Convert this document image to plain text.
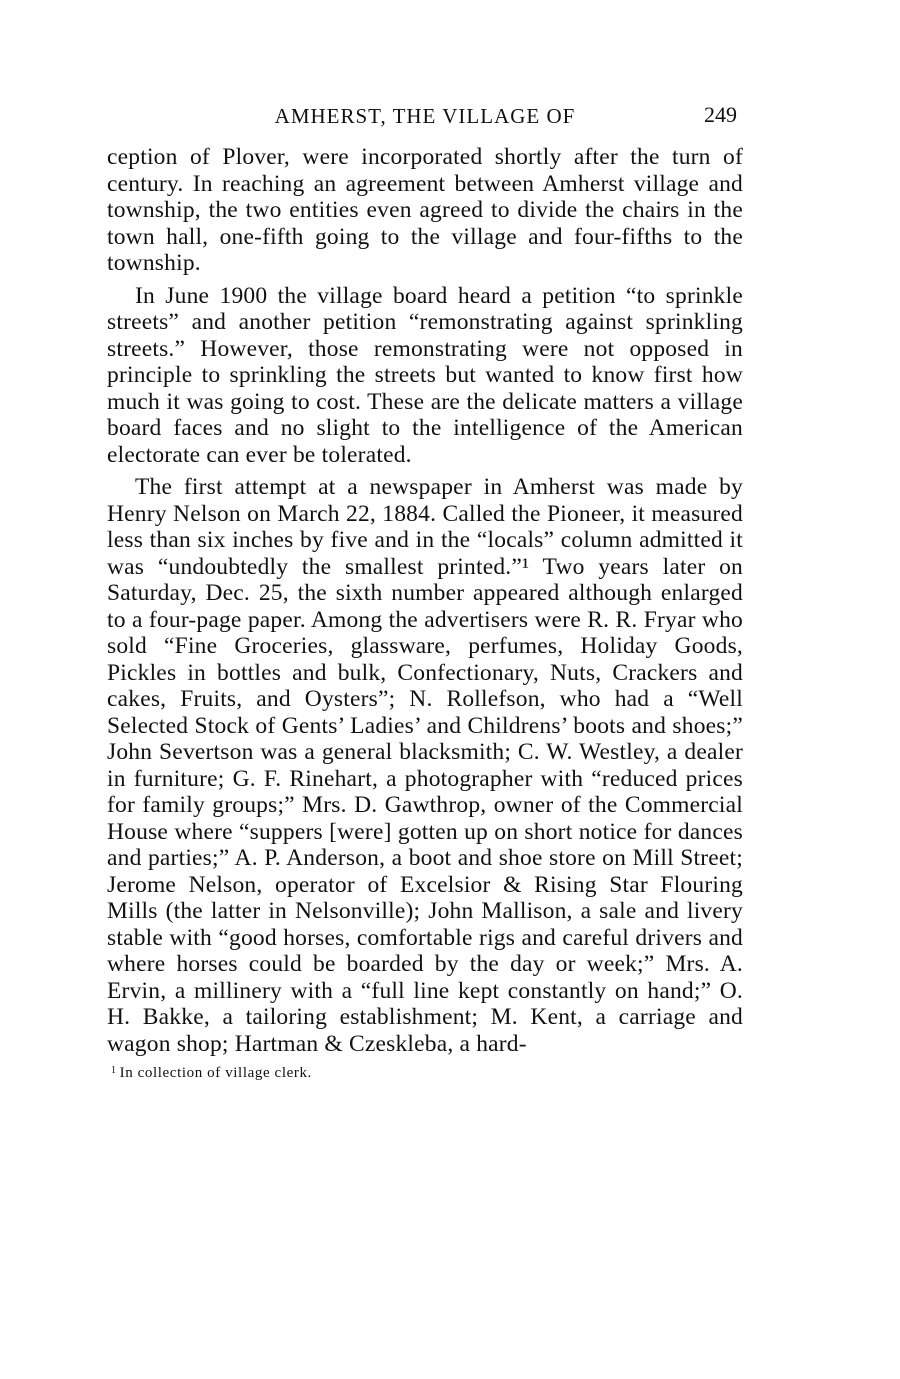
AMHERST, THE VILLAGE OF	249

ception of Plover, were incorporated shortly after the turn of century. In reaching an agreement between Amherst village and township, the two entities even agreed to divide the chairs in the town hall, one-fifth going to the village and four-fifths to the township.

In June 1900 the village board heard a petition “to sprinkle streets” and another petition “remonstrating against sprinkling streets.” However, those remonstrating were not opposed in principle to sprinkling the streets but wanted to know first how much it was going to cost. These are the delicate matters a village board faces and no slight to the intelligence of the American electorate can ever be tolerated.

The first attempt at a newspaper in Amherst was made by Henry Nelson on March 22, 1884. Called the Pioneer, it measured less than six inches by five and in the “locals” column admitted it was “undoubtedly the smallest printed.”¹ Two years later on Saturday, Dec. 25, the sixth number appeared although enlarged to a four-page paper. Among the advertisers were R. R. Fryar who sold “Fine Groceries, glassware, perfumes, Holiday Goods, Pickles in bottles and bulk, Confectionary, Nuts, Crackers and cakes, Fruits, and Oysters”; N. Rollefson, who had a “Well Selected Stock of Gents’ Ladies’ and Childrens’ boots and shoes;” John Severtson was a general blacksmith; C. W. Westley, a dealer in furniture; G. F. Rinehart, a photographer with “reduced prices for family groups;” Mrs. D. Gawthrop, owner of the Commercial House where “suppers [were] gotten up on short notice for dances and parties;” A. P. Anderson, a boot and shoe store on Mill Street; Jerome Nelson, operator of Excelsior & Rising Star Flouring Mills (the latter in Nelsonville); John Mallison, a sale and livery stable with “good horses, comfortable rigs and careful drivers and where horses could be boarded by the day or week;” Mrs. A. Ervin, a millinery with a “full line kept constantly on hand;” O. H. Bakke, a tailoring establishment; M. Kent, a carriage and wagon shop; Hartman & Czeskleba, a hard-

$^1$ In collection of village clerk.
